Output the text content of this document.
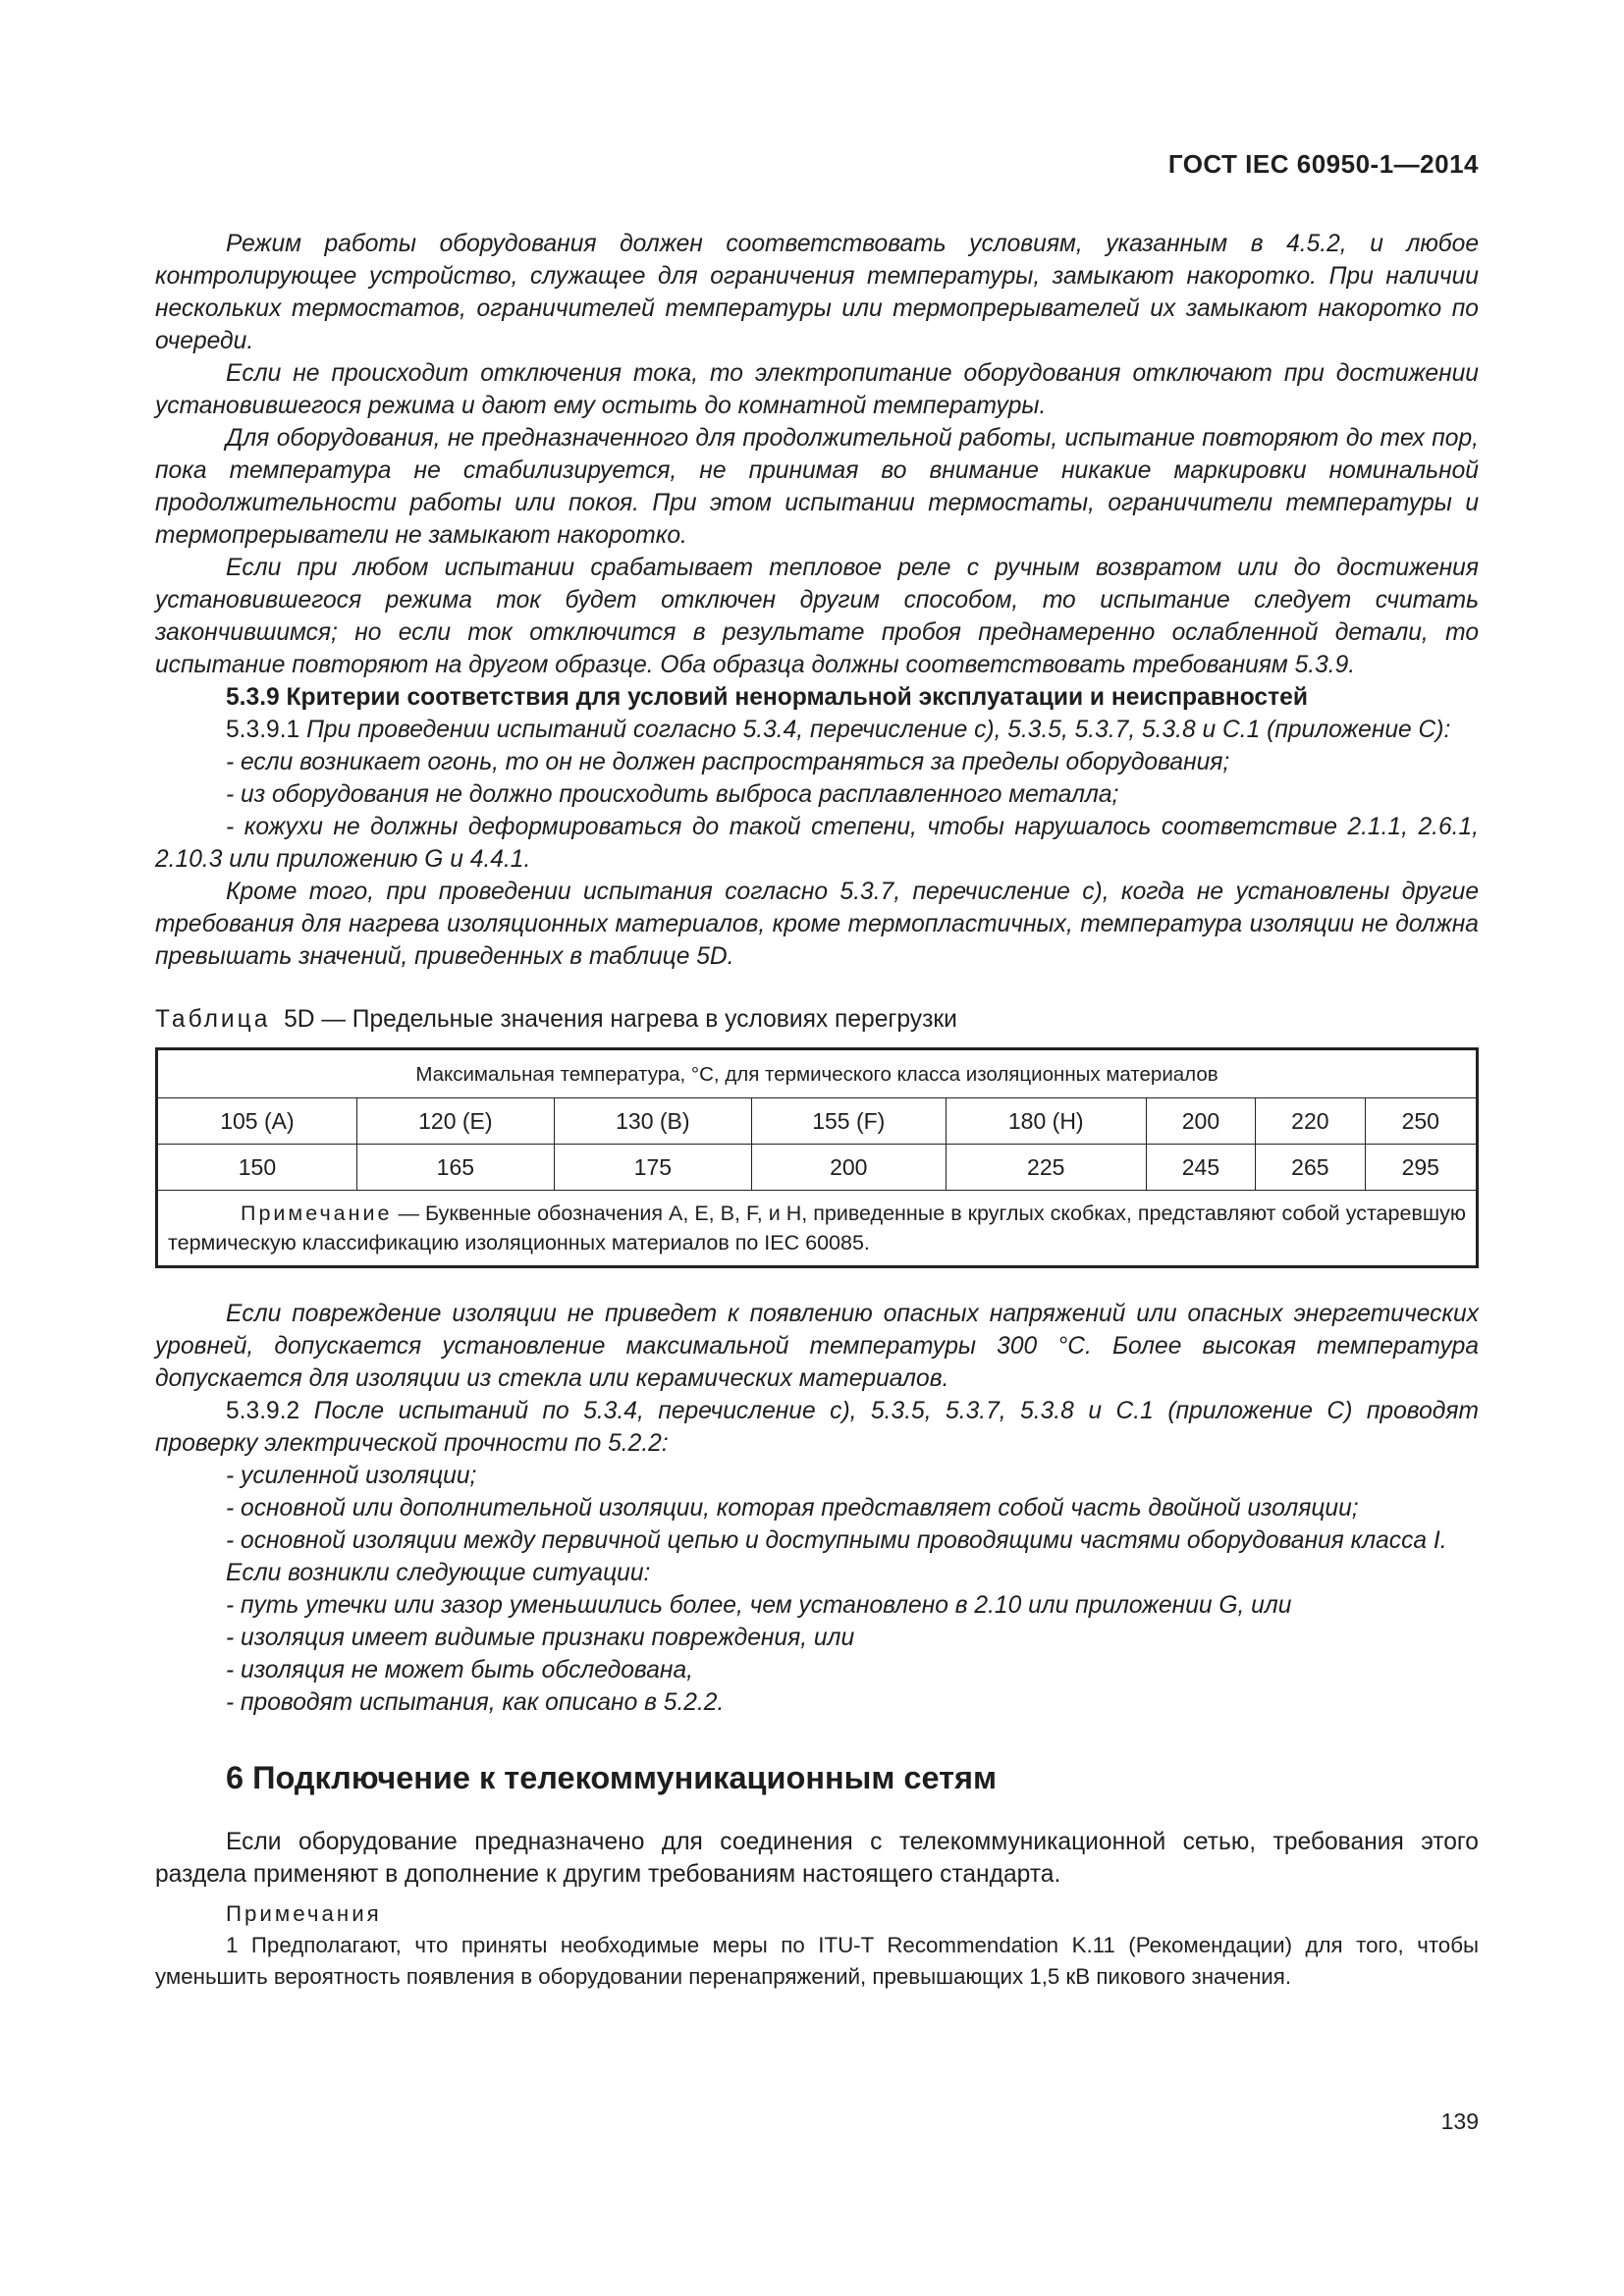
ГОСТ IEC 60950-1—2014

Режим работы оборудования должен соответствовать условиям, указанным в 4.5.2, и любое контролирующее устройство, служащее для ограничения температуры, замыкают накоротко. При наличии нескольких термостатов, ограничителей температуры или термопрерывателей их замыкают накоротко по очереди.

Если не происходит отключения тока, то электропитание оборудования отключают при достижении установившегося режима и дают ему остыть до комнатной температуры.

Для оборудования, не предназначенного для продолжительной работы, испытание повторяют до тех пор, пока температура не стабилизируется, не принимая во внимание никакие маркировки номинальной продолжительности работы или покоя. При этом испытании термостаты, ограничители температуры и термопрерыватели не замыкают накоротко.

Если при любом испытании срабатывает тепловое реле с ручным возвратом или до достижения установившегося режима ток будет отключен другим способом, то испытание следует считать закончившимся; но если ток отключится в результате пробоя преднамеренно ослабленной детали, то испытание повторяют на другом образце. Оба образца должны соответствовать требованиям 5.3.9.

5.3.9 Критерии соответствия для условий ненормальной эксплуатации и неисправностей

5.3.9.1 При проведении испытаний согласно 5.3.4, перечисление с), 5.3.5, 5.3.7, 5.3.8 и С.1 (приложение С):

- если возникает огонь, то он не должен распространяться за пределы оборудования;

- из оборудования не должно происходить выброса расплавленного металла;

- кожухи не должны деформироваться до такой степени, чтобы нарушалось соответствие 2.1.1, 2.6.1, 2.10.3 или приложению G и 4.4.1.

Кроме того, при проведении испытания согласно 5.3.7, перечисление с), когда не установлены другие требования для нагрева изоляционных материалов, кроме термопластичных, температура изоляции не должна превышать значений, приведенных в таблице 5D.

Таблица 5D — Предельные значения нагрева в условиях перегрузки

Максимальная температура, °С, для термического класса изоляционных материалов							
105 (A)	120 (E)	130 (B)	155 (F)	180 (H)	200	220	250
150	165	175	200	225	245	265	295
Примечание — Буквенные обозначения А, Е, В, F, и Н, приведенные в круглых скобках, представляют собой устаревшую термическую классификацию изоляционных материалов по IEC 60085.							

Если повреждение изоляции не приведет к появлению опасных напряжений или опасных энергетических уровней, допускается установление максимальной температуры 300 °С. Более высокая температура допускается для изоляции из стекла или керамических материалов.

5.3.9.2 После испытаний по 5.3.4, перечисление с), 5.3.5, 5.3.7, 5.3.8 и С.1 (приложение С) проводят проверку электрической прочности по 5.2.2:

- усиленной изоляции;

- основной или дополнительной изоляции, которая представляет собой часть двойной изоляции;

- основной изоляции между первичной цепью и доступными проводящими частями оборудования класса I.

Если возникли следующие ситуации:

- путь утечки или зазор уменьшились более, чем установлено в 2.10 или приложении G, или

- изоляция имеет видимые признаки повреждения, или

- изоляция не может быть обследована,

- проводят испытания, как описано в 5.2.2.

6 Подключение к телекоммуникационным сетям

Если оборудование предназначено для соединения с телекоммуникационной сетью, требования этого раздела применяют в дополнение к другим требованиям настоящего стандарта.

Примечания

1 Предполагают, что приняты необходимые меры по ITU-T Recommendation K.11 (Рекомендации) для того, чтобы уменьшить вероятность появления в оборудовании перенапряжений, превышающих 1,5 кВ пикового значения.

139
